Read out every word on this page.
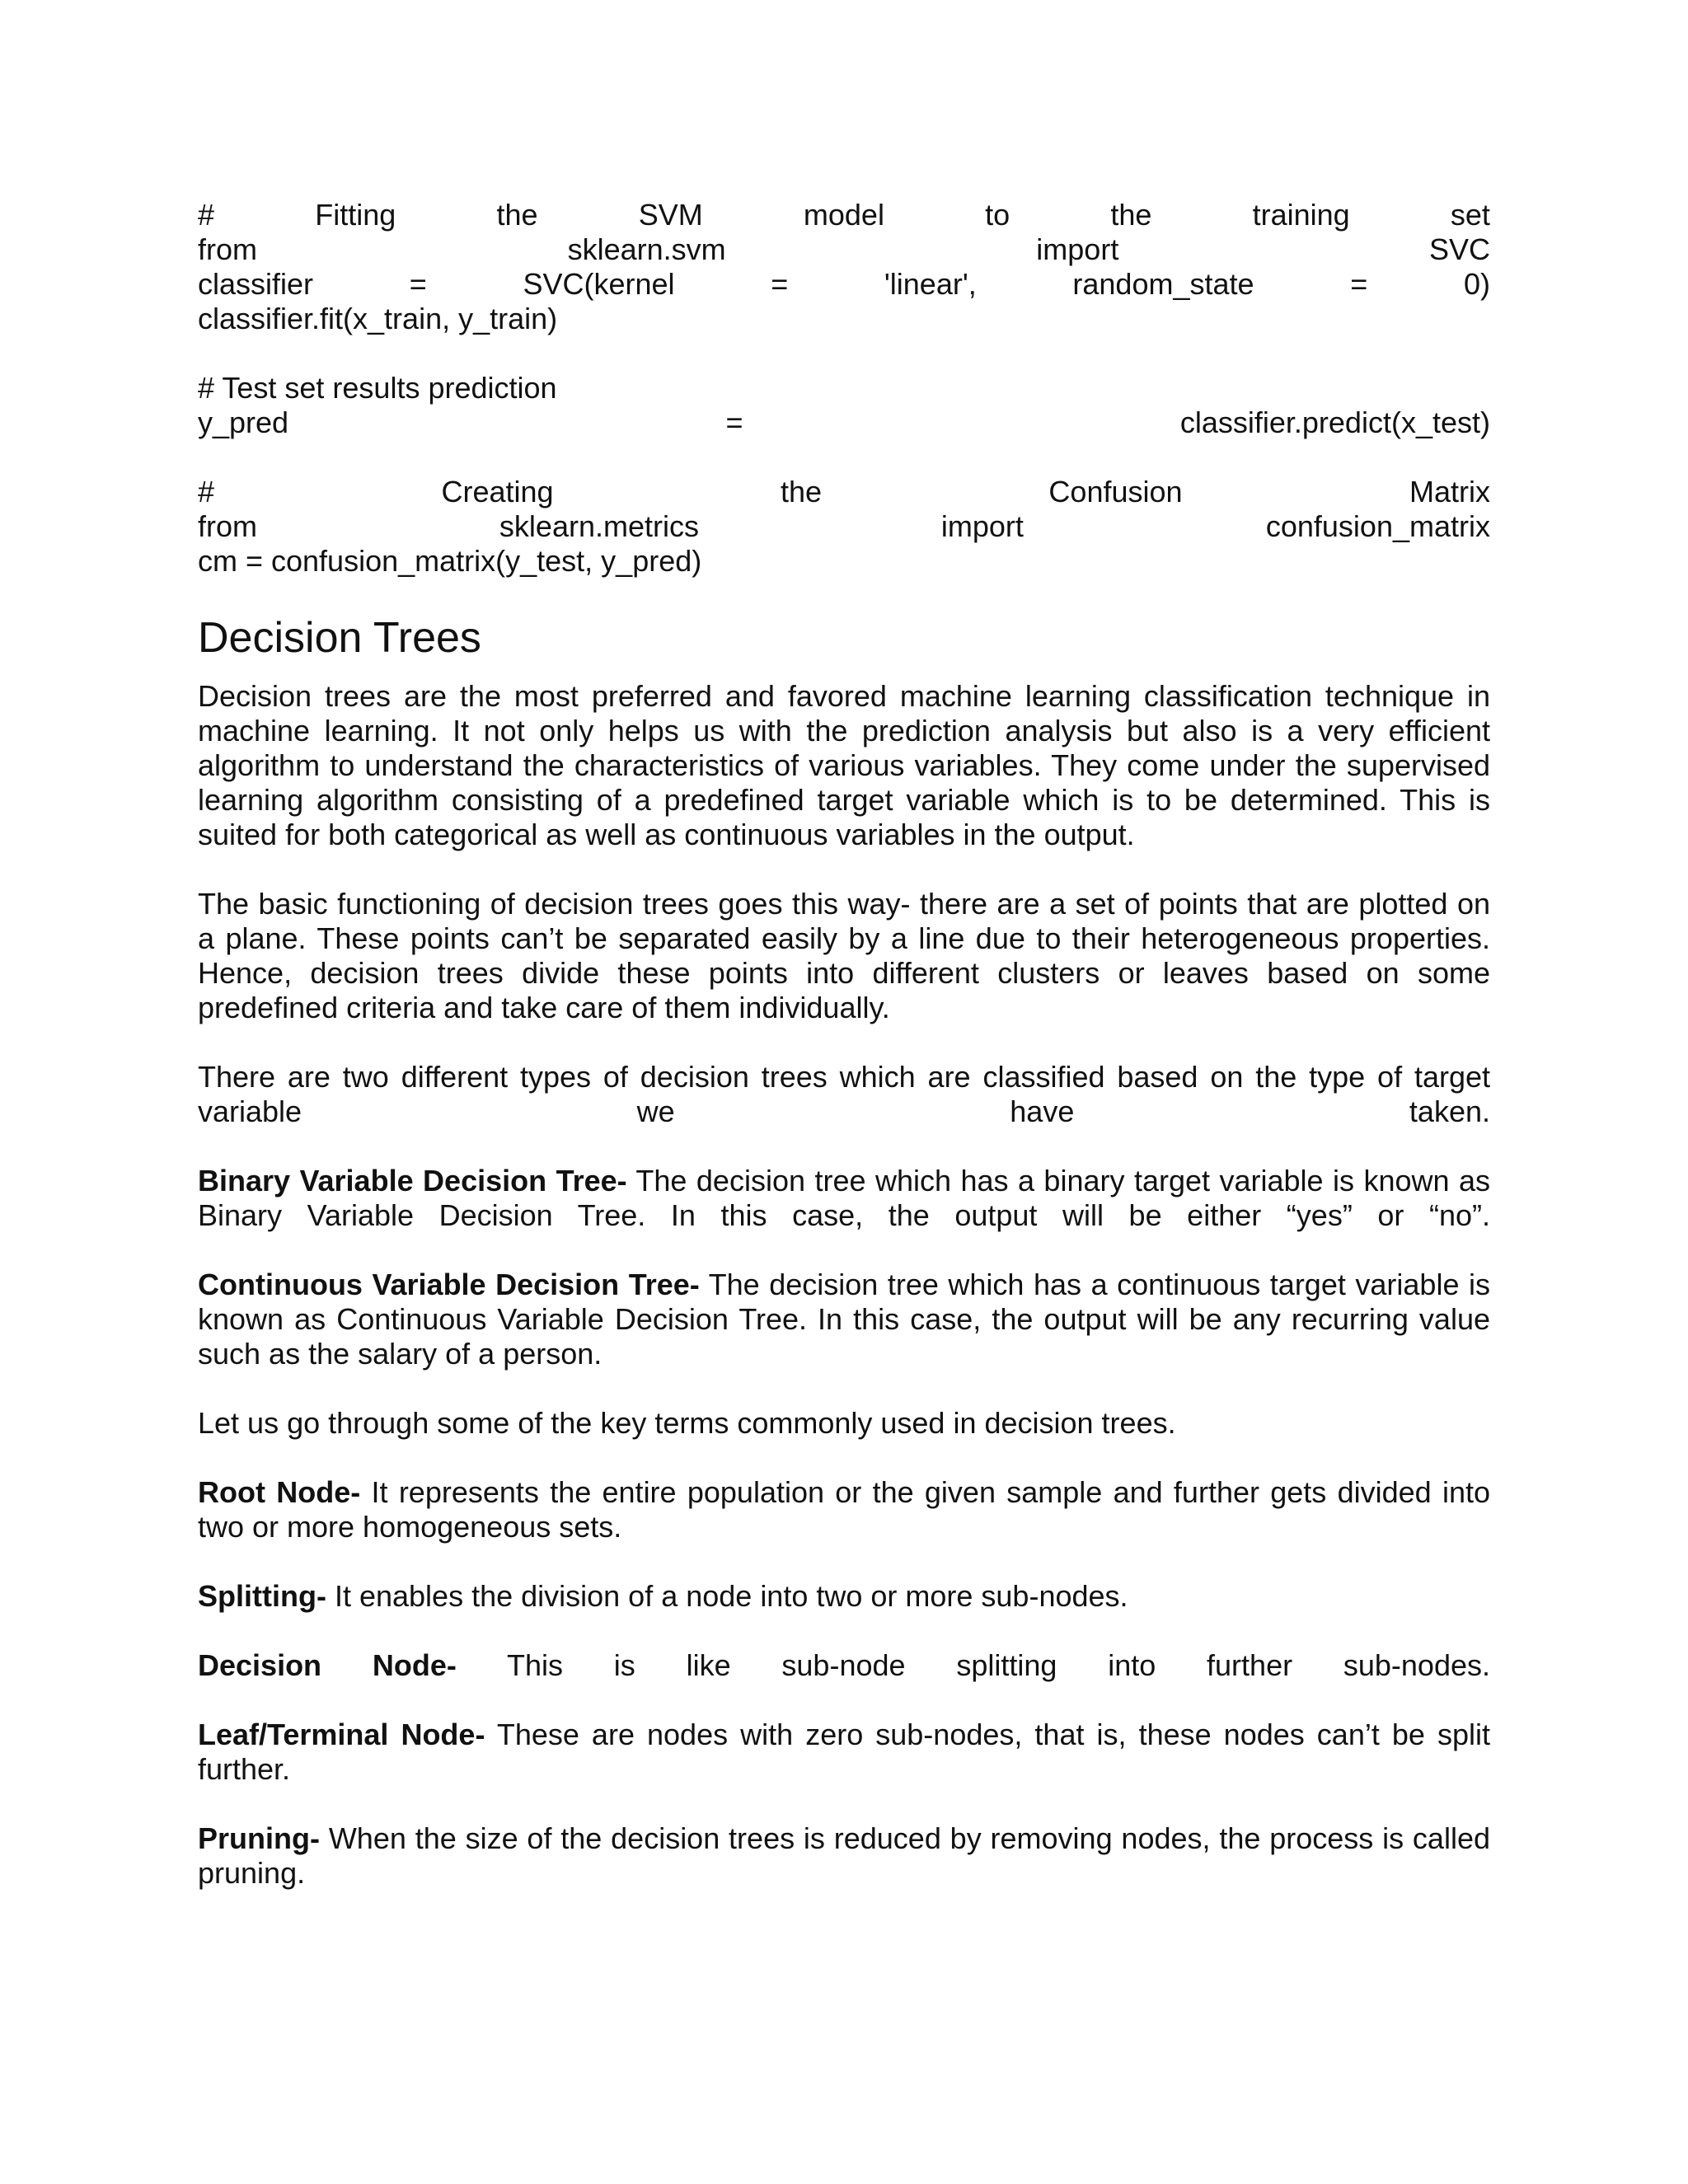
#	Fitting	the	SVM	model	to	the	training	set
from	sklearn.svm	import	SVC
classifier	=	SVC(kernel	=	'linear',	random_state	=	0)
classifier.fit(x_train, y_train)
# Test set results prediction
y_pred	=	classifier.predict(x_test)
#	Creating	the	Confusion	Matrix
from	sklearn.metrics	import	confusion_matrix
cm = confusion_matrix(y_test, y_pred)
Decision Trees

Decision trees are the most preferred and favored machine learning classification technique in machine learning. It not only helps us with the prediction analysis but also is a very efficient algorithm to understand the characteristics of various variables. They come under the supervised learning algorithm consisting of a predefined target variable which is to be determined. This is suited for both categorical as well as continuous variables in the output.

The basic functioning of decision trees goes this way- there are a set of points that are plotted on a plane. These points can’t be separated easily by a line due to their heterogeneous properties. Hence, decision trees divide these points into different clusters or leaves based on some predefined criteria and take care of them individually.

There are two different types of decision trees which are classified based on the type of target variable we have taken.

Binary Variable Decision Tree- The decision tree which has a binary target variable is known as Binary Variable Decision Tree. In this case, the output will be either “yes” or “no”.

Continuous Variable Decision Tree- The decision tree which has a continuous target variable is known as Continuous Variable Decision Tree. In this case, the output will be any recurring value such as the salary of a person.

Let us go through some of the key terms commonly used in decision trees.

Root Node- It represents the entire population or the given sample and further gets divided into two or more homogeneous sets.

Splitting- It enables the division of a node into two or more sub-nodes.

Decision Node- This is like sub-node splitting into further sub-nodes.

Leaf/Terminal Node- These are nodes with zero sub-nodes, that is, these nodes can’t be split further.

Pruning- When the size of the decision trees is reduced by removing nodes, the process is called pruning.
